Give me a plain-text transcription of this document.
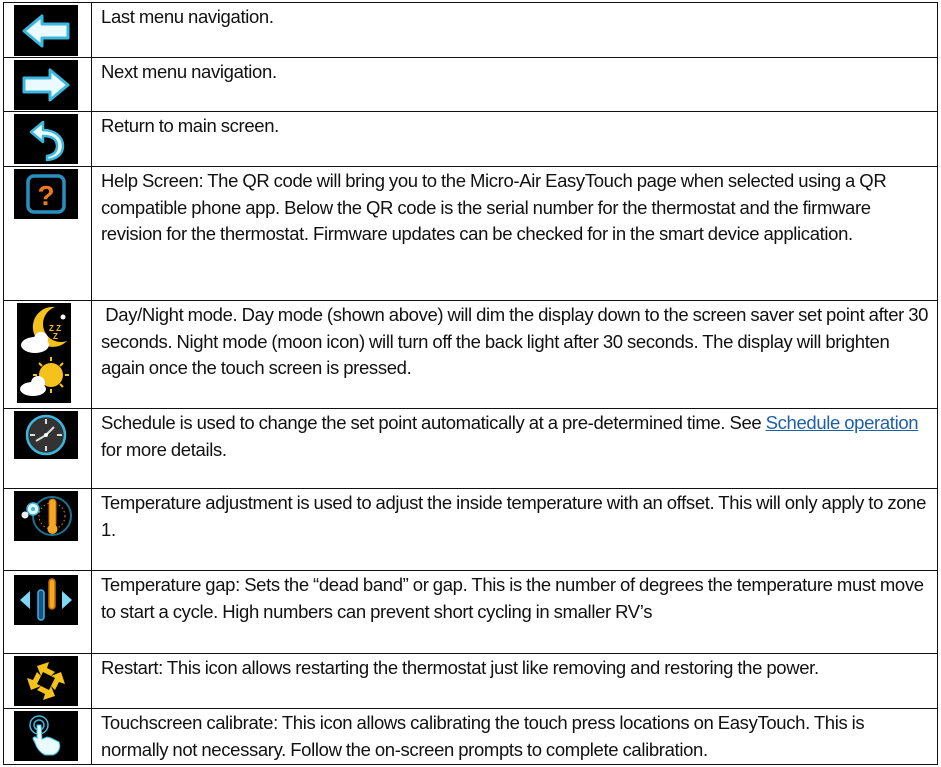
Last menu navigation.

Next menu navigation.

Return to main screen.

?	Help Screen: The QR code will bring you to the Micro-Air EasyTouch page when selected using a QR compatible phone app. Below the QR code is the serial number for the thermostat and the firmware revision for the thermostat. Firmware updates can be checked for in the smart device application.

Z Z
Z	Day/Night mode. Day mode (shown above) will dim the display down to the screen saver set point after 30 seconds. Night mode (moon icon) will turn off the back light after 30 seconds. The display will brighten again once the touch screen is pressed.

Schedule is used to change the set point automatically at a pre-determined time. See Schedule operation for more details.

Temperature adjustment is used to adjust the inside temperature with an offset. This will only apply to zone 1.

Temperature gap: Sets the “dead band” or gap. This is the number of degrees the temperature must move to start a cycle. High numbers can prevent short cycling in smaller RV’s

Restart: This icon allows restarting the thermostat just like removing and restoring the power.

Touchscreen calibrate: This icon allows calibrating the touch press locations on EasyTouch. This is normally not necessary. Follow the on-screen prompts to complete calibration.
